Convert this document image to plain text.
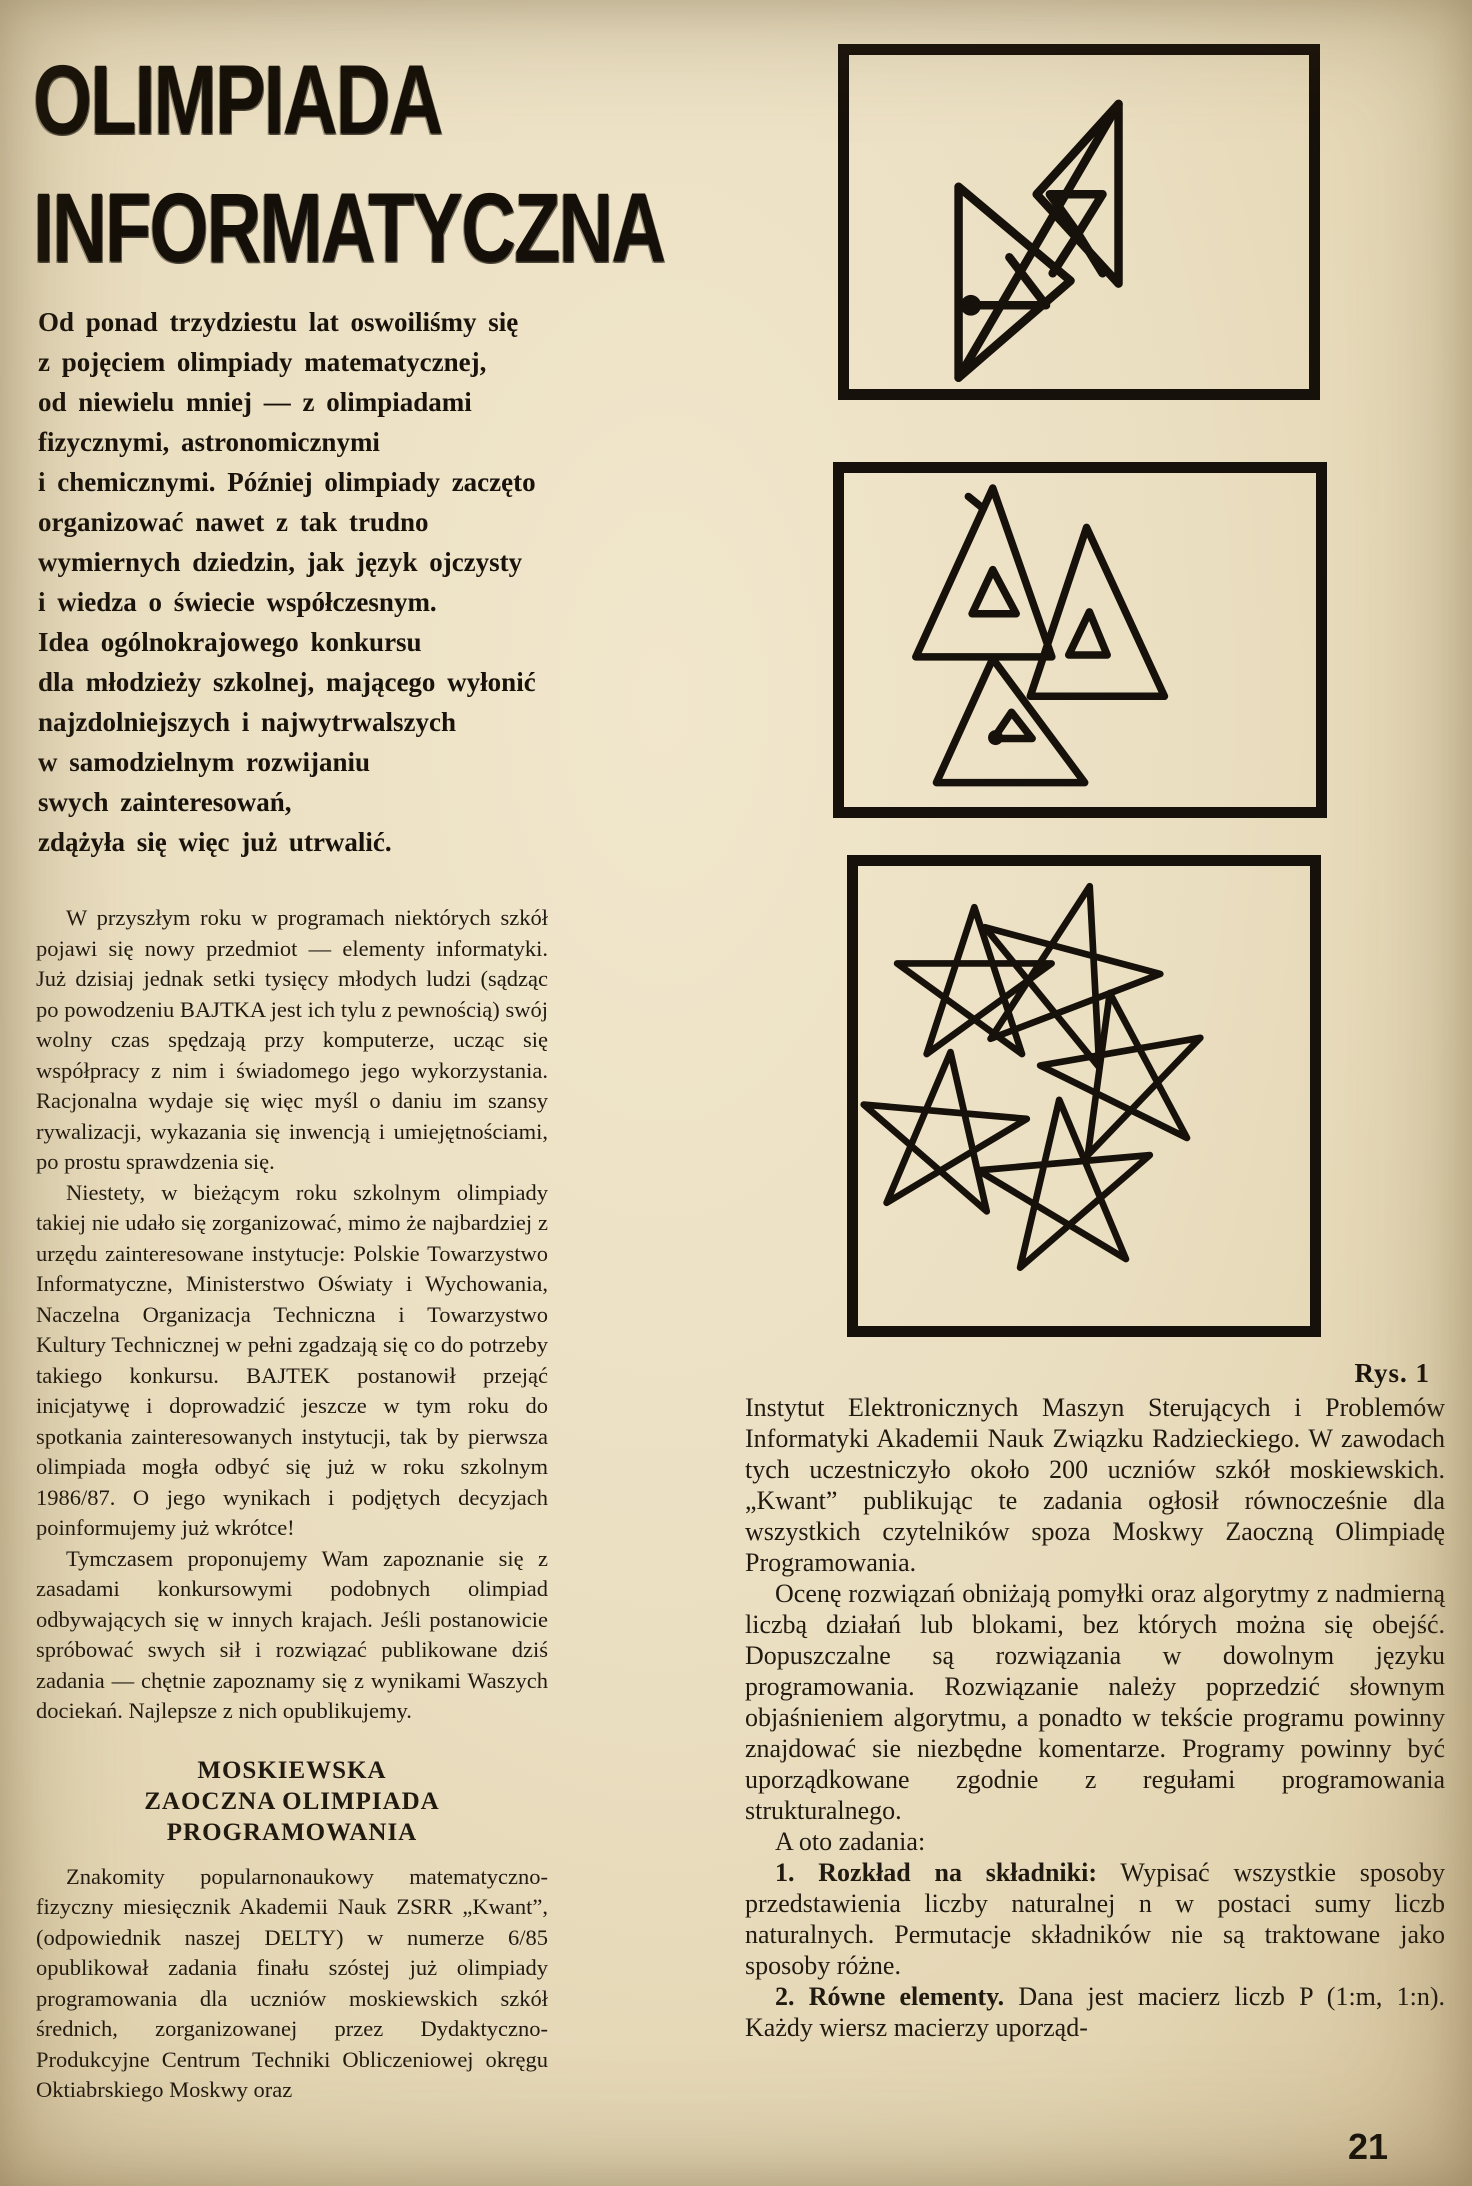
OLIMPIADA
INFORMATYCZNA
Od ponad trzydziestu lat oswoiliśmy się
z pojęciem olimpiady matematycznej,
od niewielu mniej — z olimpiadami
fizycznymi, astronomicznymi
i chemicznymi. Później olimpiady zaczęto
organizować nawet z tak trudno
wymiernych dziedzin, jak język ojczysty
i wiedza o świecie współczesnym.
Idea ogólnokrajowego konkursu
dla młodzieży szkolnej, mającego wyłonić
najzdolniejszych i najwytrwalszych
w samodzielnym rozwijaniu
swych zainteresowań,
zdążyła się więc już utrwalić.

W przyszłym roku w programach niektórych szkół pojawi się nowy przedmiot — elementy informatyki. Już dzisiaj jednak setki tysięcy młodych ludzi (sądząc po powodzeniu BAJTKA jest ich tylu z pewnością) swój wolny czas spędzają przy komputerze, ucząc się współpracy z nim i świadomego jego wykorzystania. Racjonalna wydaje się więc myśl o daniu im szansy rywalizacji, wykazania się inwencją i umiejętnościami, po prostu sprawdzenia się.

Niestety, w bieżącym roku szkolnym olimpiady takiej nie udało się zorganizować, mimo że najbardziej z urzędu zainteresowane instytucje: Polskie Towarzystwo Informatyczne, Ministerstwo Oświaty i Wychowania, Naczelna Organizacja Techniczna i Towarzystwo Kultury Technicznej w pełni zgadzają się co do potrzeby takiego konkursu. BAJTEK postanowił przejąć inicjatywę i doprowadzić jeszcze w tym roku do spotkania zainteresowanych instytucji, tak by pierwsza olimpiada mogła odbyć się już w roku szkolnym 1986/87. O jego wynikach i podjętych decyzjach poinformujemy już wkrótce!

Tymczasem proponujemy Wam zapoznanie się z zasadami konkursowymi podobnych olimpiad odbywających się w innych krajach. Jeśli postanowicie spróbować swych sił i rozwiązać publikowane dziś zadania — chętnie zapoznamy się z wynikami Waszych dociekań. Najlepsze z nich opublikujemy.

MOSKIEWSKA
ZAOCZNA OLIMPIADA PROGRAMOWANIA

Znakomity popularnonaukowy matematyczno-fizyczny miesięcznik Akademii Nauk ZSRR „Kwant”, (odpowiednik naszej DELTY) w numerze 6/85 opublikował zadania finału szóstej już olimpiady programowania dla uczniów moskiewskich szkół średnich, zorganizowanej przez Dydaktyczno-Produkcyjne Centrum Techniki Obliczeniowej okręgu Oktiabrskiego Moskwy oraz

Instytut Elektronicznych Maszyn Sterujących i Problemów Informatyki Akademii Nauk Związku Radzieckiego. W zawodach tych uczestniczyło około 200 uczniów szkół moskiewskich. „Kwant” publikując te zadania ogłosił równocześnie dla wszystkich czytelników spoza Moskwy Zaoczną Olimpiadę Programowania.

Ocenę rozwiązań obniżają pomyłki oraz algorytmy z nadmierną liczbą działań lub blokami, bez których można się obejść. Dopuszczalne są rozwiązania w dowolnym języku programowania. Rozwiązanie należy poprzedzić słownym objaśnieniem algorytmu, a ponadto w tekście programu powinny znajdować sie niezbędne komentarze. Programy powinny być uporządkowane zgodnie z regułami programowania strukturalnego.

A oto zadania:

1. Rozkład na składniki: Wypisać wszystkie sposoby przedstawienia liczby naturalnej n w postaci sumy liczb naturalnych. Permutacje składników nie są traktowane jako sposoby różne.

2. Równe elementy. Dana jest macierz liczb P (1:m, 1:n). Każdy wiersz macierzy uporząd-

Rys. 1
21
